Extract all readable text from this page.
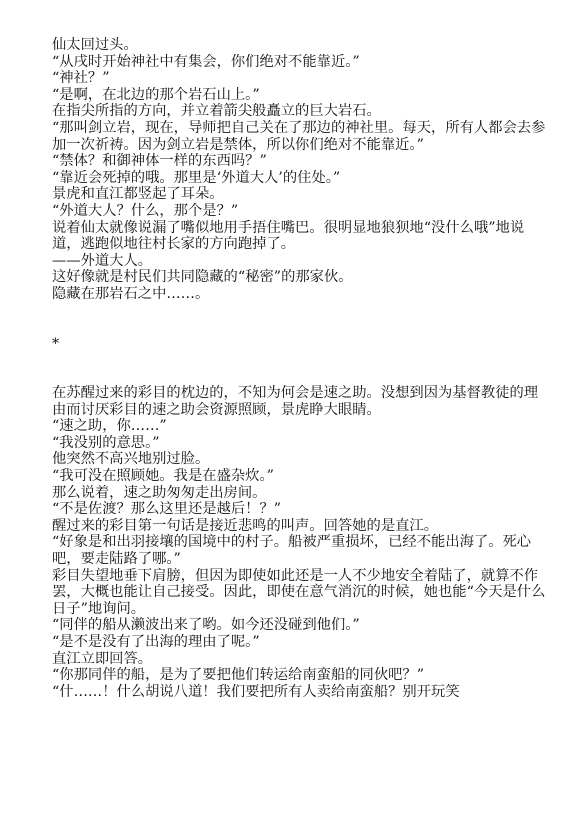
仙太回过头。

“从戌时开始神社中有集会，你们绝对不能靠近。”

“神社？”

“是啊，在北边的那个岩石山上。”

在指尖所指的方向，并立着箭尖般矗立的巨大岩石。

“那叫剑立岩，现在，导师把自己关在了那边的神社里。每天，所有人都会去参加一次祈祷。因为剑立岩是禁体，所以你们绝对不能靠近。”

“禁体？和御神体一样的东西吗？”

“靠近会死掉的哦。那里是‘外道大人’的住处。”

景虎和直江都竖起了耳朵。

“外道大人？什么，那个是？”

说着仙太就像说漏了嘴似地用手捂住嘴巴。很明显地狼狈地“没什么哦”地说道，逃跑似地往村长家的方向跑掉了。

——外道大人。

这好像就是村民们共同隐藏的“秘密”的那家伙。

隐藏在那岩石之中……。

*

在苏醒过来的彩目的枕边的，不知为何会是速之助。没想到因为基督教徒的理由而讨厌彩目的速之助会资源照顾，景虎睁大眼睛。

“速之助，你……”

“我没别的意思。”

他突然不高兴地别过脸。

“我可没在照顾她。我是在盛杂炊。”

那么说着，速之助匆匆走出房间。

“不是佐渡？那么这里还是越后！？”

醒过来的彩目第一句话是接近悲鸣的叫声。回答她的是直江。

“好象是和出羽接壤的国境中的村子。船被严重损坏，已经不能出海了。死心吧，要走陆路了哪。”

彩目失望地垂下肩膀，但因为即使如此还是一人不少地安全着陆了，就算不作罢，大概也能让自己接受。因此，即使在意气消沉的时候，她也能“今天是什么日子”地询问。

“同伴的船从濑波出来了哟。如今还没碰到他们。”

“是不是没有了出海的理由了呢。”

直江立即回答。

“你那同伴的船，是为了要把他们转运给南蛮船的同伙吧？”

“什……！什么胡说八道！我们要把所有人卖给南蛮船？别开玩笑
